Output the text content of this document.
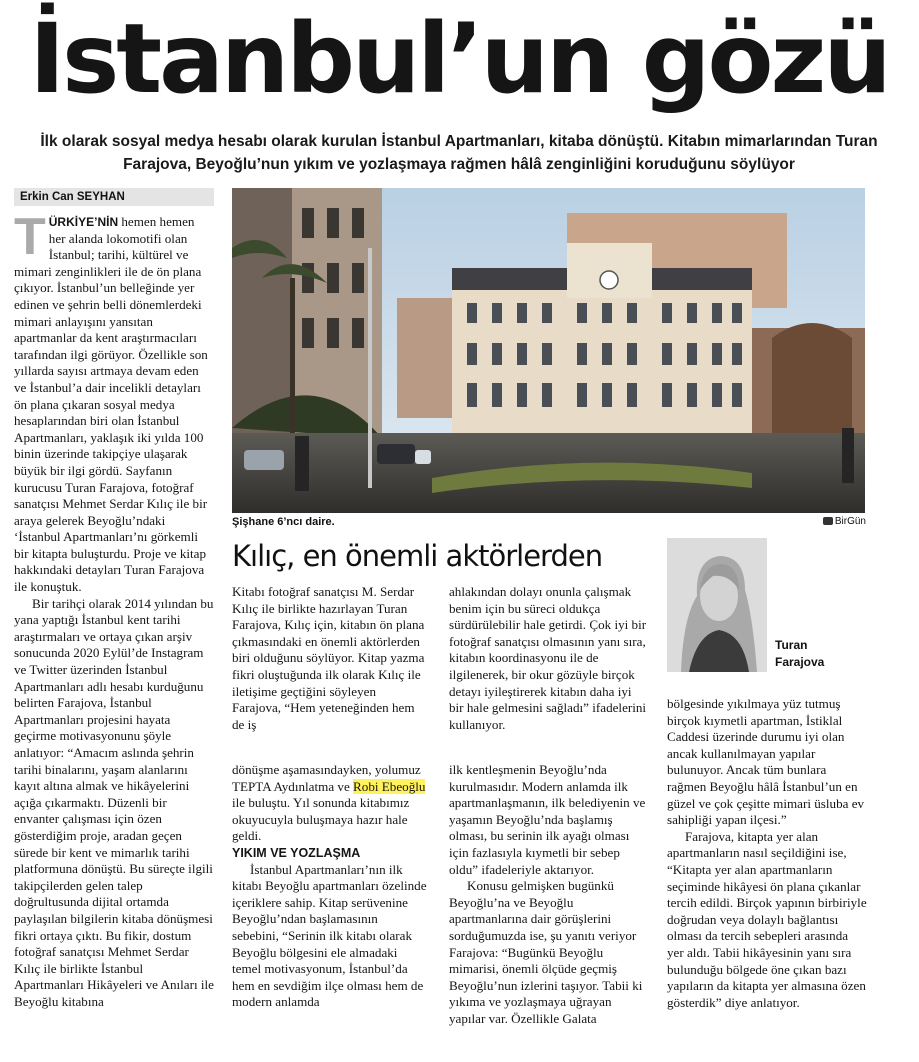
İstanbul’un gözü
İlk olarak sosyal medya hesabı olarak kurulan İstanbul Apartmanları, kitaba dönüştü. Kitabın mimarlarından Turan Farajova, Beyoğlu’nun yıkım ve yozlaşmaya rağmen hâlâ zenginliğini koruduğunu söylüyor
Erkin Can SEYHAN

TÜRKİYE’NİN hemen hemen her alanda lokomotifi olan İstanbul; tarihi, kültürel ve mimari zenginlikleri ile de ön plana çıkıyor. İstanbul’un belleğinde yer edinen ve şehrin belli dönemlerdeki mimari anlayışını yansıtan apartmanlar da kent araştırmacıları tarafından ilgi görüyor. Özellikle son yıllarda sayısı artmaya devam eden ve İstanbul’a dair incelikli detayları ön plana çıkaran sosyal medya hesaplarından biri olan İstanbul Apartmanları, yaklaşık iki yılda 100 binin üzerinde takipçiye ulaşarak büyük bir ilgi gördü. Sayfanın kurucusu Turan Farajova, fotoğraf sanatçısı Mehmet Serdar Kılıç ile bir araya gelerek Beyoğlu’ndaki ‘İstanbul Apartmanları’nı görkemli bir kitapta buluşturdu. Proje ve kitap hakkındaki detayları Turan Farajova ile konuştuk.

Bir tarihçi olarak 2014 yılından bu yana yaptığı İstanbul kent tarihi araştırmaları ve ortaya çıkan arşiv sonucunda 2020 Eylül’de Instagram ve Twitter üzerinden İstanbul Apartmanları adlı hesabı kurduğunu belirten Farajova, İstanbul Apartmanları projesini hayata geçirme motivasyonunu şöyle anlatıyor: “Amacım aslında şehrin tarihi binalarını, yaşam alanlarını kayıt altına almak ve hikâyelerini açığa çıkarmaktı. Düzenli bir envanter çalışması için özen gösterdiğim proje, aradan geçen sürede bir kent ve mimarlık tarihi platformuna dönüştü. Bu süreçte ilgili takipçilerden gelen talep doğrultusunda dijital ortamda paylaşılan bilgilerin kitaba dönüşmesi fikri ortaya çıktı. Bu fikir, dostum fotoğraf sanatçısı Mehmet Serdar Kılıç ile birlikte İstanbul Apartmanları Hikâyeleri ve Anıları ile Beyoğlu kitabına

Şişhane 6’ncı daire.	BirGün
Kılıç, en önemli aktörlerden
Turan
Farajova

Kitabı fotoğraf sanatçısı M. Serdar Kılıç ile birlikte hazırlayan Turan Farajova, Kılıç için, kitabın ön plana çıkmasındaki en önemli aktörlerden biri olduğunu söylüyor. Kitap yazma fikri oluştuğunda ilk olarak Kılıç ile iletişime geçtiğini söyleyen Farajova, “Hem yeteneğinden hem de iş

ahlakından dolayı onunla çalışmak benim için bu süreci oldukça sürdürülebilir hale getirdi. Çok iyi bir fotoğraf sanatçısı olmasının yanı sıra, kitabın koordinasyonu ile de ilgilenerek, bir okur gözüyle birçok detayı iyileştirerek kitabın daha iyi bir hale gelmesini sağladı” ifadelerini kullanıyor.

dönüşme aşamasındayken, yolumuz TEPTA Aydınlatma ve Robi Ebeoğlu ile buluştu. Yıl sonunda kitabımız okuyucuyla buluşmaya hazır hale geldi.

YIKIM VE YOZLAŞMA

İstanbul Apartmanları’nın ilk kitabı Beyoğlu apartmanları özelinde içeriklere sahip. Kitap serüvenine Beyoğlu’ndan başlamasının sebebini, “Serinin ilk kitabı olarak Beyoğlu bölgesini ele almadaki temel motivasyonum, İstanbul’da hem en sevdiğim ilçe olması hem de modern anlamda

ilk kentleşmenin Beyoğlu’nda kurulmasıdır. Modern anlamda ilk apartmanlaşmanın, ilk belediyenin ve yaşamın Beyoğlu’nda başlamış olması, bu serinin ilk ayağı olması için fazlasıyla kıymetli bir sebep oldu” ifadeleriyle aktarıyor.

Konusu gelmişken bugünkü Beyoğlu’na ve Beyoğlu apartmanlarına dair görüşlerini sorduğumuzda ise, şu yanıtı veriyor Farajova: “Bugünkü Beyoğlu mimarisi, önemli ölçüde geçmiş Beyoğlu’nun izlerini taşıyor. Tabii ki yıkıma ve yozlaşmaya uğrayan yapılar var. Özellikle Galata

bölgesinde yıkılmaya yüz tutmuş birçok kıymetli apartman, İstiklal Caddesi üzerinde durumu iyi olan ancak kullanılmayan yapılar bulunuyor. Ancak tüm bunlara rağmen Beyoğlu hâlâ İstanbul’un en güzel ve çok çeşitte mimari üsluba ev sahipliği yapan ilçesi.”

Farajova, kitapta yer alan apartmanların nasıl seçildiğini ise, “Kitapta yer alan apartmanların seçiminde hikâyesi ön plana çıkanlar tercih edildi. Birçok yapının birbiriyle doğrudan veya dolaylı bağlantısı olması da tercih sebepleri arasında yer aldı. Tabii hikâyesinin yanı sıra bulunduğu bölgede öne çıkan bazı yapıların da kitapta yer almasına özen gösterdik” diye anlatıyor.
